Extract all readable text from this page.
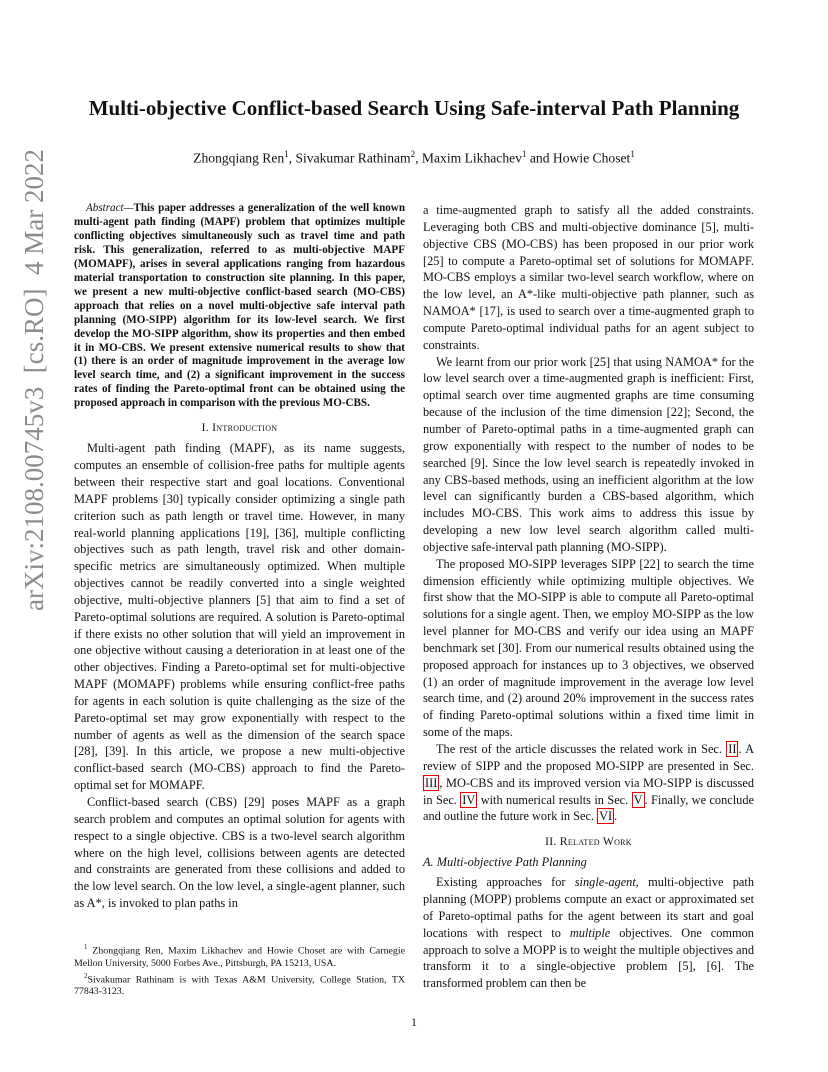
Multi-objective Conflict-based Search Using Safe-interval Path Planning
Zhongqiang Ren$^1$, Sivakumar Rathinam$^2$, Maxim Likhachev$^1$ and Howie Choset$^1$
arXiv:2108.00745v3  [cs.RO]  4 Mar 2022	Abstract—This paper addresses a generalization of the well known multi-agent path finding (MAPF) problem that optimizes multiple conflicting objectives simultaneously such as travel time and path risk. This generalization, referred to as multi-objective MAPF (MOMAPF), arises in several applications ranging from hazardous material transportation to construction site planning. In this paper, we present a new multi-objective conflict-based search (MO-CBS) approach that relies on a novel multi-objective safe interval path planning (MO-SIPP) algorithm for its low-level search. We first develop the MO-SIPP algorithm, show its properties and then embed it in MO-CBS. We present extensive numerical results to show that (1) there is an order of magnitude improvement in the average low level search time, and (2) a significant improvement in the success rates of finding the Pareto-optimal front can be obtained using the proposed approach in comparison with the previous MO-CBS.

I. Introduction

Multi-agent path finding (MAPF), as its name suggests, computes an ensemble of collision-free paths for multiple agents between their respective start and goal locations. Conventional MAPF problems [30] typically consider optimizing a single path criterion such as path length or travel time. However, in many real-world planning applications [19], [36], multiple conflicting objectives such as path length, travel risk and other domain-specific metrics are simultaneously optimized. When multiple objectives cannot be readily converted into a single weighted objective, multi-objective planners [5] that aim to find a set of Pareto-optimal solutions are required. A solution is Pareto-optimal if there exists no other solution that will yield an improvement in one objective without causing a deterioration in at least one of the other objectives. Finding a Pareto-optimal set for multi-objective MAPF (MOMAPF) problems while ensuring conflict-free paths for agents in each solution is quite challenging as the size of the Pareto-optimal set may grow exponentially with respect to the number of agents as well as the dimension of the search space [28], [39]. In this article, we propose a new multi-objective conflict-based search (MO-CBS) approach to find the Pareto-optimal set for MOMAPF.

Conflict-based search (CBS) [29] poses MAPF as a graph search problem and computes an optimal solution for agents with respect to a single objective. CBS is a two-level search algorithm where on the high level, collisions between agents are detected and constraints are generated from these collisions and added to the low level search. On the low level, a single-agent planner, such as A*, is invoked to plan paths in

a time-augmented graph to satisfy all the added constraints. Leveraging both CBS and multi-objective dominance [5], multi-objective CBS (MO-CBS) has been proposed in our prior work [25] to compute a Pareto-optimal set of solutions for MOMAPF. MO-CBS employs a similar two-level search workflow, where on the low level, an A*-like multi-objective path planner, such as NAMOA* [17], is used to search over a time-augmented graph to compute Pareto-optimal individual paths for an agent subject to constraints.

We learnt from our prior work [25] that using NAMOA* for the low level search over a time-augmented graph is inefficient: First, optimal search over time augmented graphs are time consuming because of the inclusion of the time dimension [22]; Second, the number of Pareto-optimal paths in a time-augmented graph can grow exponentially with respect to the number of nodes to be searched [9]. Since the low level search is repeatedly invoked in any CBS-based methods, using an inefficient algorithm at the low level can significantly burden a CBS-based algorithm, which includes MO-CBS. This work aims to address this issue by developing a new low level search algorithm called multi-objective safe-interval path planning (MO-SIPP).

The proposed MO-SIPP leverages SIPP [22] to search the time dimension efficiently while optimizing multiple objectives. We first show that the MO-SIPP is able to compute all Pareto-optimal solutions for a single agent. Then, we employ MO-SIPP as the low level planner for MO-CBS and verify our idea using an MAPF benchmark set [30]. From our numerical results obtained using the proposed approach for instances up to 3 objectives, we observed (1) an order of magnitude improvement in the average low level search time, and (2) around 20% improvement in the success rates of finding Pareto-optimal solutions within a fixed time limit in some of the maps.

The rest of the article discusses the related work in Sec. II . A review of SIPP and the proposed MO-SIPP are presented in Sec. III , MO-CBS and its improved version via MO-SIPP is discussed in Sec. IV with numerical results in Sec. V . Finally, we conclude and outline the future work in Sec. VI .

II. Related Work
A. Multi-objective Path Planning

Existing approaches for single-agent, multi-objective path planning (MOPP) problems compute an exact or approximated set of Pareto-optimal paths for the agent between its start and goal locations with respect to multiple objectives. One common approach to solve a MOPP is to weight the multiple objectives and transform it to a single-objective problem [5], [6]. The transformed problem can then be

$^1$ Zhongqiang Ren, Maxim Likhachev and Howie Choset are with Carnegie Mellon University, 5000 Forbes Ave., Pittsburgh, PA 15213, USA.

$^2$Sivakumar Rathinam is with Texas A&M University, College Station, TX 77843-3123.

1
